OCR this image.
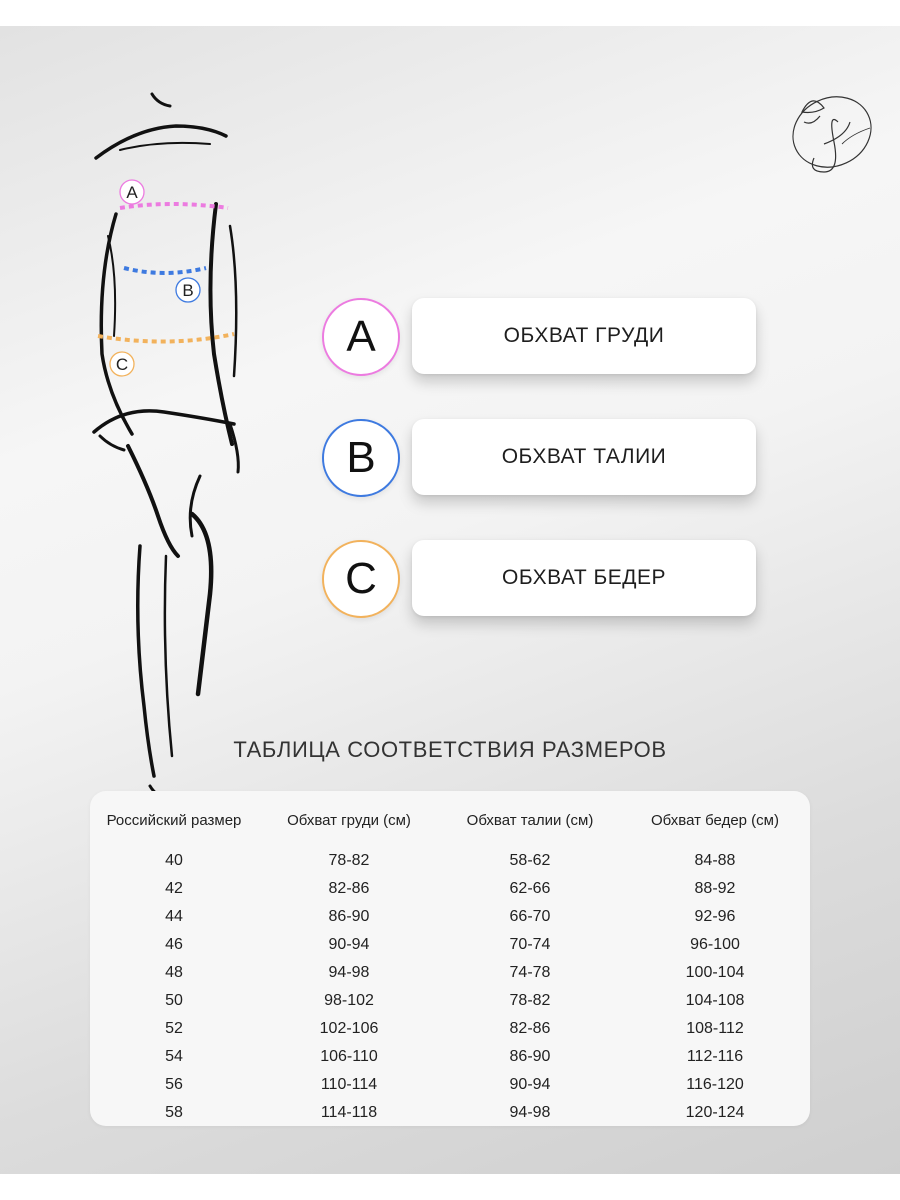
A
B
C
A	ОБХВАТ ГРУДИ
B	ОБХВАТ ТАЛИИ
C	ОБХВАТ БЕДЕР
ТАБЛИЦА СООТВЕТСТВИЯ РАЗМЕРОВ
Российский размер	Обхват груди (см)	Обхват талии (см)	Обхват бедер (см)
40	78-82	58-62	84-88
42	82-86	62-66	88-92
44	86-90	66-70	92-96
46	90-94	70-74	96-100
48	94-98	74-78	100-104
50	98-102	78-82	104-108
52	102-106	82-86	108-112
54	106-110	86-90	112-116
56	110-114	90-94	116-120
58	114-118	94-98	120-124
